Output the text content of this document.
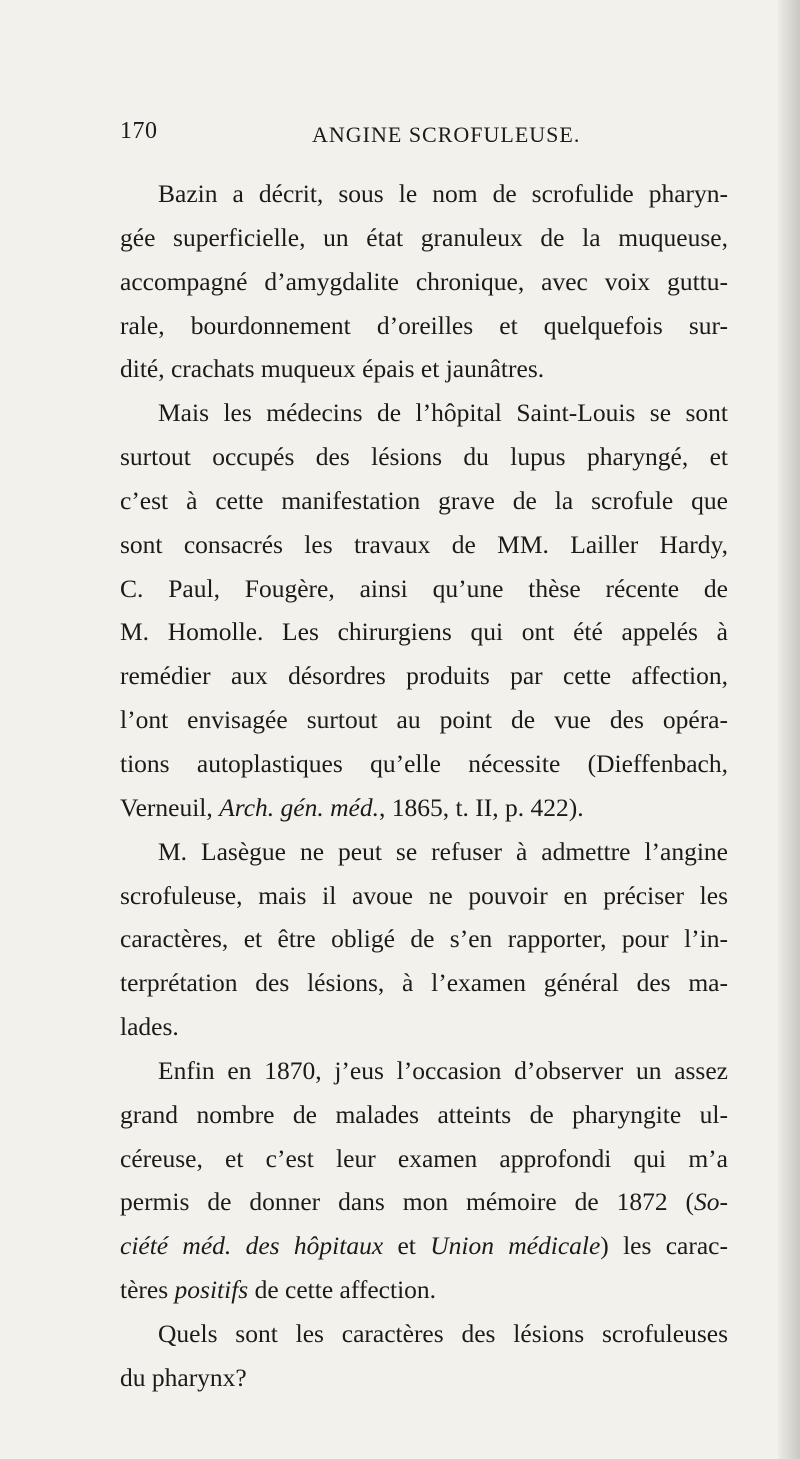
170	ANGINE SCROFULEUSE.
Bazin a décrit, sous le nom de scrofulide pharyn-
gée superficielle, un état granuleux de la muqueuse,
accompagné d’amygdalite chronique, avec voix guttu-
rale, bourdonnement d’oreilles et quelquefois sur-
dité, crachats muqueux épais et jaunâtres.
Mais les médecins de l’hôpital Saint-Louis se sont
surtout occupés des lésions du lupus pharyngé, et
c’est à cette manifestation grave de la scrofule que
sont consacrés les travaux de MM. Lailler Hardy,
C. Paul, Fougère, ainsi qu’une thèse récente de
M. Homolle. Les chirurgiens qui ont été appelés à
remédier aux désordres produits par cette affection,
l’ont envisagée surtout au point de vue des opéra-
tions autoplastiques qu’elle nécessite (Dieffenbach,
Verneuil, Arch. gén. méd., 1865, t. II, p. 422).
M. Lasègue ne peut se refuser à admettre l’angine
scrofuleuse, mais il avoue ne pouvoir en préciser les
caractères, et être obligé de s’en rapporter, pour l’in-
terprétation des lésions, à l’examen général des ma-
lades.
Enfin en 1870, j’eus l’occasion d’observer un assez
grand nombre de malades atteints de pharyngite ul-
céreuse, et c’est leur examen approfondi qui m’a
permis de donner dans mon mémoire de 1872 (So-
ciété méd. des hôpitaux et Union médicale) les carac-
tères positifs de cette affection.
Quels sont les caractères des lésions scrofuleuses
du pharynx?
